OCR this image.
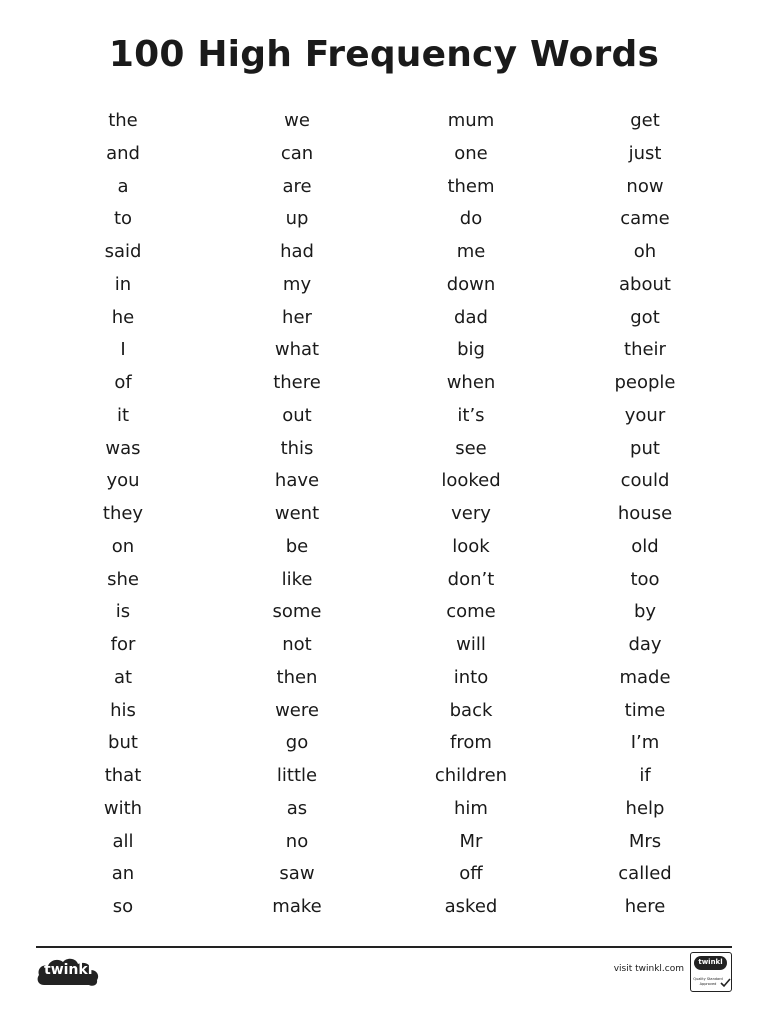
100 High Frequency Words
the	we	mum	get
and	can	one	just
a	are	them	now
to	up	do	came
said	had	me	oh
in	my	down	about
he	her	dad	got
I	what	big	their
of	there	when	people
it	out	it’s	your
was	this	see	put
you	have	looked	could
they	went	very	house
on	be	look	old
she	like	don’t	too
is	some	come	by
for	not	will	day
at	then	into	made
his	were	back	time
but	go	from	I’m
that	little	children	if
with	as	him	help
all	no	Mr	Mrs
an	saw	off	called
so	make	asked	here
twinkl	visit twinkl.com
twinkl
Quality Standard
Approved
